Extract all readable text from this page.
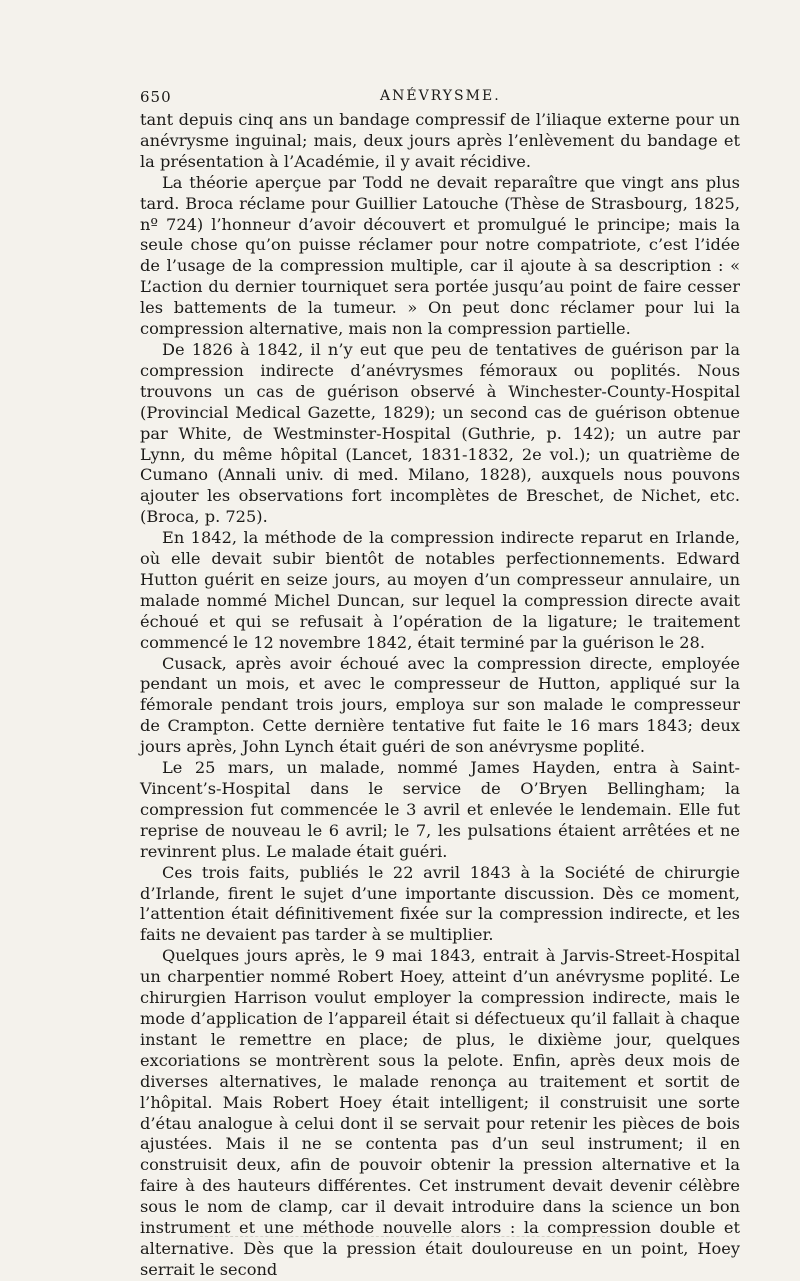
650	ANÉVRYSME.

tant depuis cinq ans un bandage compressif de l’iliaque externe pour un anévrysme inguinal; mais, deux jours après l’enlèvement du bandage et la présentation à l’Académie, il y avait récidive.

La théorie aperçue par Todd ne devait reparaître que vingt ans plus tard. Broca réclame pour Guillier Latouche (Thèse de Strasbourg, 1825, nº 724) l’honneur d’avoir découvert et promulgué le principe; mais la seule chose qu’on puisse réclamer pour notre compatriote, c’est l’idée de l’usage de la compression multiple, car il ajoute à sa description : « L’action du dernier tourniquet sera portée jusqu’au point de faire cesser les battements de la tumeur. » On peut donc réclamer pour lui la compression alternative, mais non la compression partielle.

De 1826 à 1842, il n’y eut que peu de tentatives de guérison par la compression indirecte d’anévrysmes fémoraux ou poplités. Nous trouvons un cas de guérison observé à Winchester-County-Hospital (Provincial Medical Gazette, 1829); un second cas de guérison obtenue par White, de Westminster-Hospital (Guthrie, p. 142); un autre par Lynn, du même hôpital (Lancet, 1831-1832, 2e vol.); un quatrième de Cumano (Annali univ. di med. Milano, 1828), auxquels nous pouvons ajouter les observations fort incomplètes de Breschet, de Nichet, etc. (Broca, p. 725).

En 1842, la méthode de la compression indirecte reparut en Irlande, où elle devait subir bientôt de notables perfectionnements. Edward Hutton guérit en seize jours, au moyen d’un compresseur annulaire, un malade nommé Michel Duncan, sur lequel la compression directe avait échoué et qui se refusait à l’opération de la ligature; le traitement commencé le 12 novembre 1842, était terminé par la guérison le 28.

Cusack, après avoir échoué avec la compression directe, employée pendant un mois, et avec le compresseur de Hutton, appliqué sur la fémorale pendant trois jours, employa sur son malade le compresseur de Crampton. Cette dernière tentative fut faite le 16 mars 1843; deux jours après, John Lynch était guéri de son anévrysme poplité.

Le 25 mars, un malade, nommé James Hayden, entra à Saint-Vincent’s-Hospital dans le service de O’Bryen Bellingham; la compression fut commencée le 3 avril et enlevée le lendemain. Elle fut reprise de nouveau le 6 avril; le 7, les pulsations étaient arrêtées et ne revinrent plus. Le malade était guéri.

Ces trois faits, publiés le 22 avril 1843 à la Société de chirurgie d’Irlande, firent le sujet d’une importante discussion. Dès ce moment, l’attention était définitivement fixée sur la compression indirecte, et les faits ne devaient pas tarder à se multiplier.

Quelques jours après, le 9 mai 1843, entrait à Jarvis-Street-Hospital un charpentier nommé Robert Hoey, atteint d’un anévrysme poplité. Le chirurgien Harrison voulut employer la compression indirecte, mais le mode d’application de l’appareil était si défectueux qu’il fallait à chaque instant le remettre en place; de plus, le dixième jour, quelques excoriations se montrèrent sous la pelote. Enfin, après deux mois de diverses alternatives, le malade renonça au traitement et sortit de l’hôpital. Mais Robert Hoey était intelligent; il construisit une sorte d’étau analogue à celui dont il se servait pour retenir les pièces de bois ajustées. Mais il ne se contenta pas d’un seul instrument; il en construisit deux, afin de pouvoir obtenir la pression alternative et la faire à des hauteurs différentes. Cet instrument devait devenir célèbre sous le nom de clamp, car il devait introduire dans la science un bon instrument et une méthode nouvelle alors : la compression double et alternative. Dès que la pression était douloureuse en un point, Hoey serrait le second
